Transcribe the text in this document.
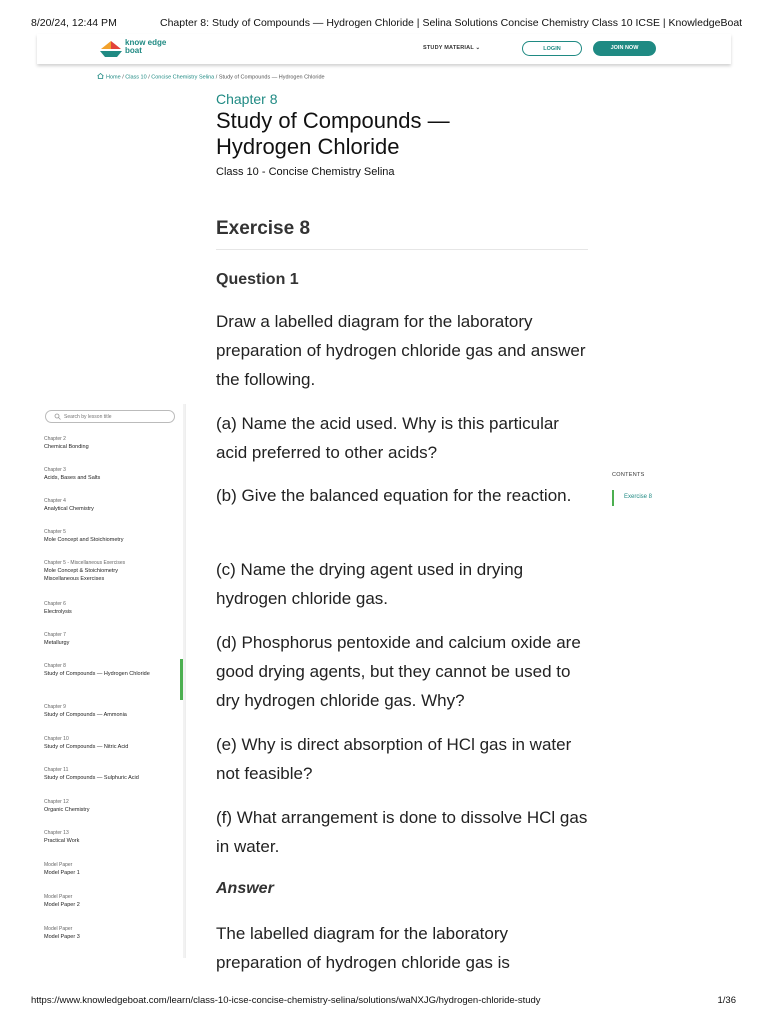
8/20/24, 12:44 PM	Chapter 8: Study of Compounds — Hydrogen Chloride | Selina Solutions Concise Chemistry Class 10 ICSE | KnowledgeBoat
know edge
boat	STUDY MATERIAL ⌄	LOGIN	JOIN NOW
Home / Class 10 / Concise Chemistry Selina / Study of Compounds — Hydrogen Chloride
Chapter 8
Study of Compounds — Hydrogen Chloride
Class 10 - Concise Chemistry Selina
Exercise 8
Question 1

Draw a labelled diagram for the laboratory preparation of hydrogen chloride gas and answer the following.

(a) Name the acid used. Why is this particular acid preferred to other acids?

(b) Give the balanced equation for the reaction.

(c) Name the drying agent used in drying hydrogen chloride gas.

(d) Phosphorus pentoxide and calcium oxide are good drying agents, but they cannot be used to dry hydrogen chloride gas. Why?

(e) Why is direct absorption of HCl gas in water not feasible?

(f) What arrangement is done to dissolve HCl gas in water.

Answer

The labelled diagram for the laboratory preparation of hydrogen chloride gas is

Search by lesson title
Chapter 2
Chemical Bonding
Chapter 3
Acids, Bases and Salts
Chapter 4
Analytical Chemistry
Chapter 5
Mole Concept and Stoichiometry
Chapter 5 - Miscellaneous Exercises
Mole Concept & Stoichiometry Miscellaneous Exercises
Chapter 6
Electrolysis
Chapter 7
Metallurgy
Chapter 8
Study of Compounds — Hydrogen Chloride
Chapter 9
Study of Compounds — Ammonia
Chapter 10
Study of Compounds — Nitric Acid
Chapter 11
Study of Compounds — Sulphuric Acid
Chapter 12
Organic Chemistry
Chapter 13
Practical Work
Model Paper
Model Paper 1
Model Paper
Model Paper 2
Model Paper
Model Paper 3
CONTENTS
Exercise 8
https://www.knowledgeboat.com/learn/class-10-icse-concise-chemistry-selina/solutions/waNXJG/hydrogen-chloride-study	1/36
